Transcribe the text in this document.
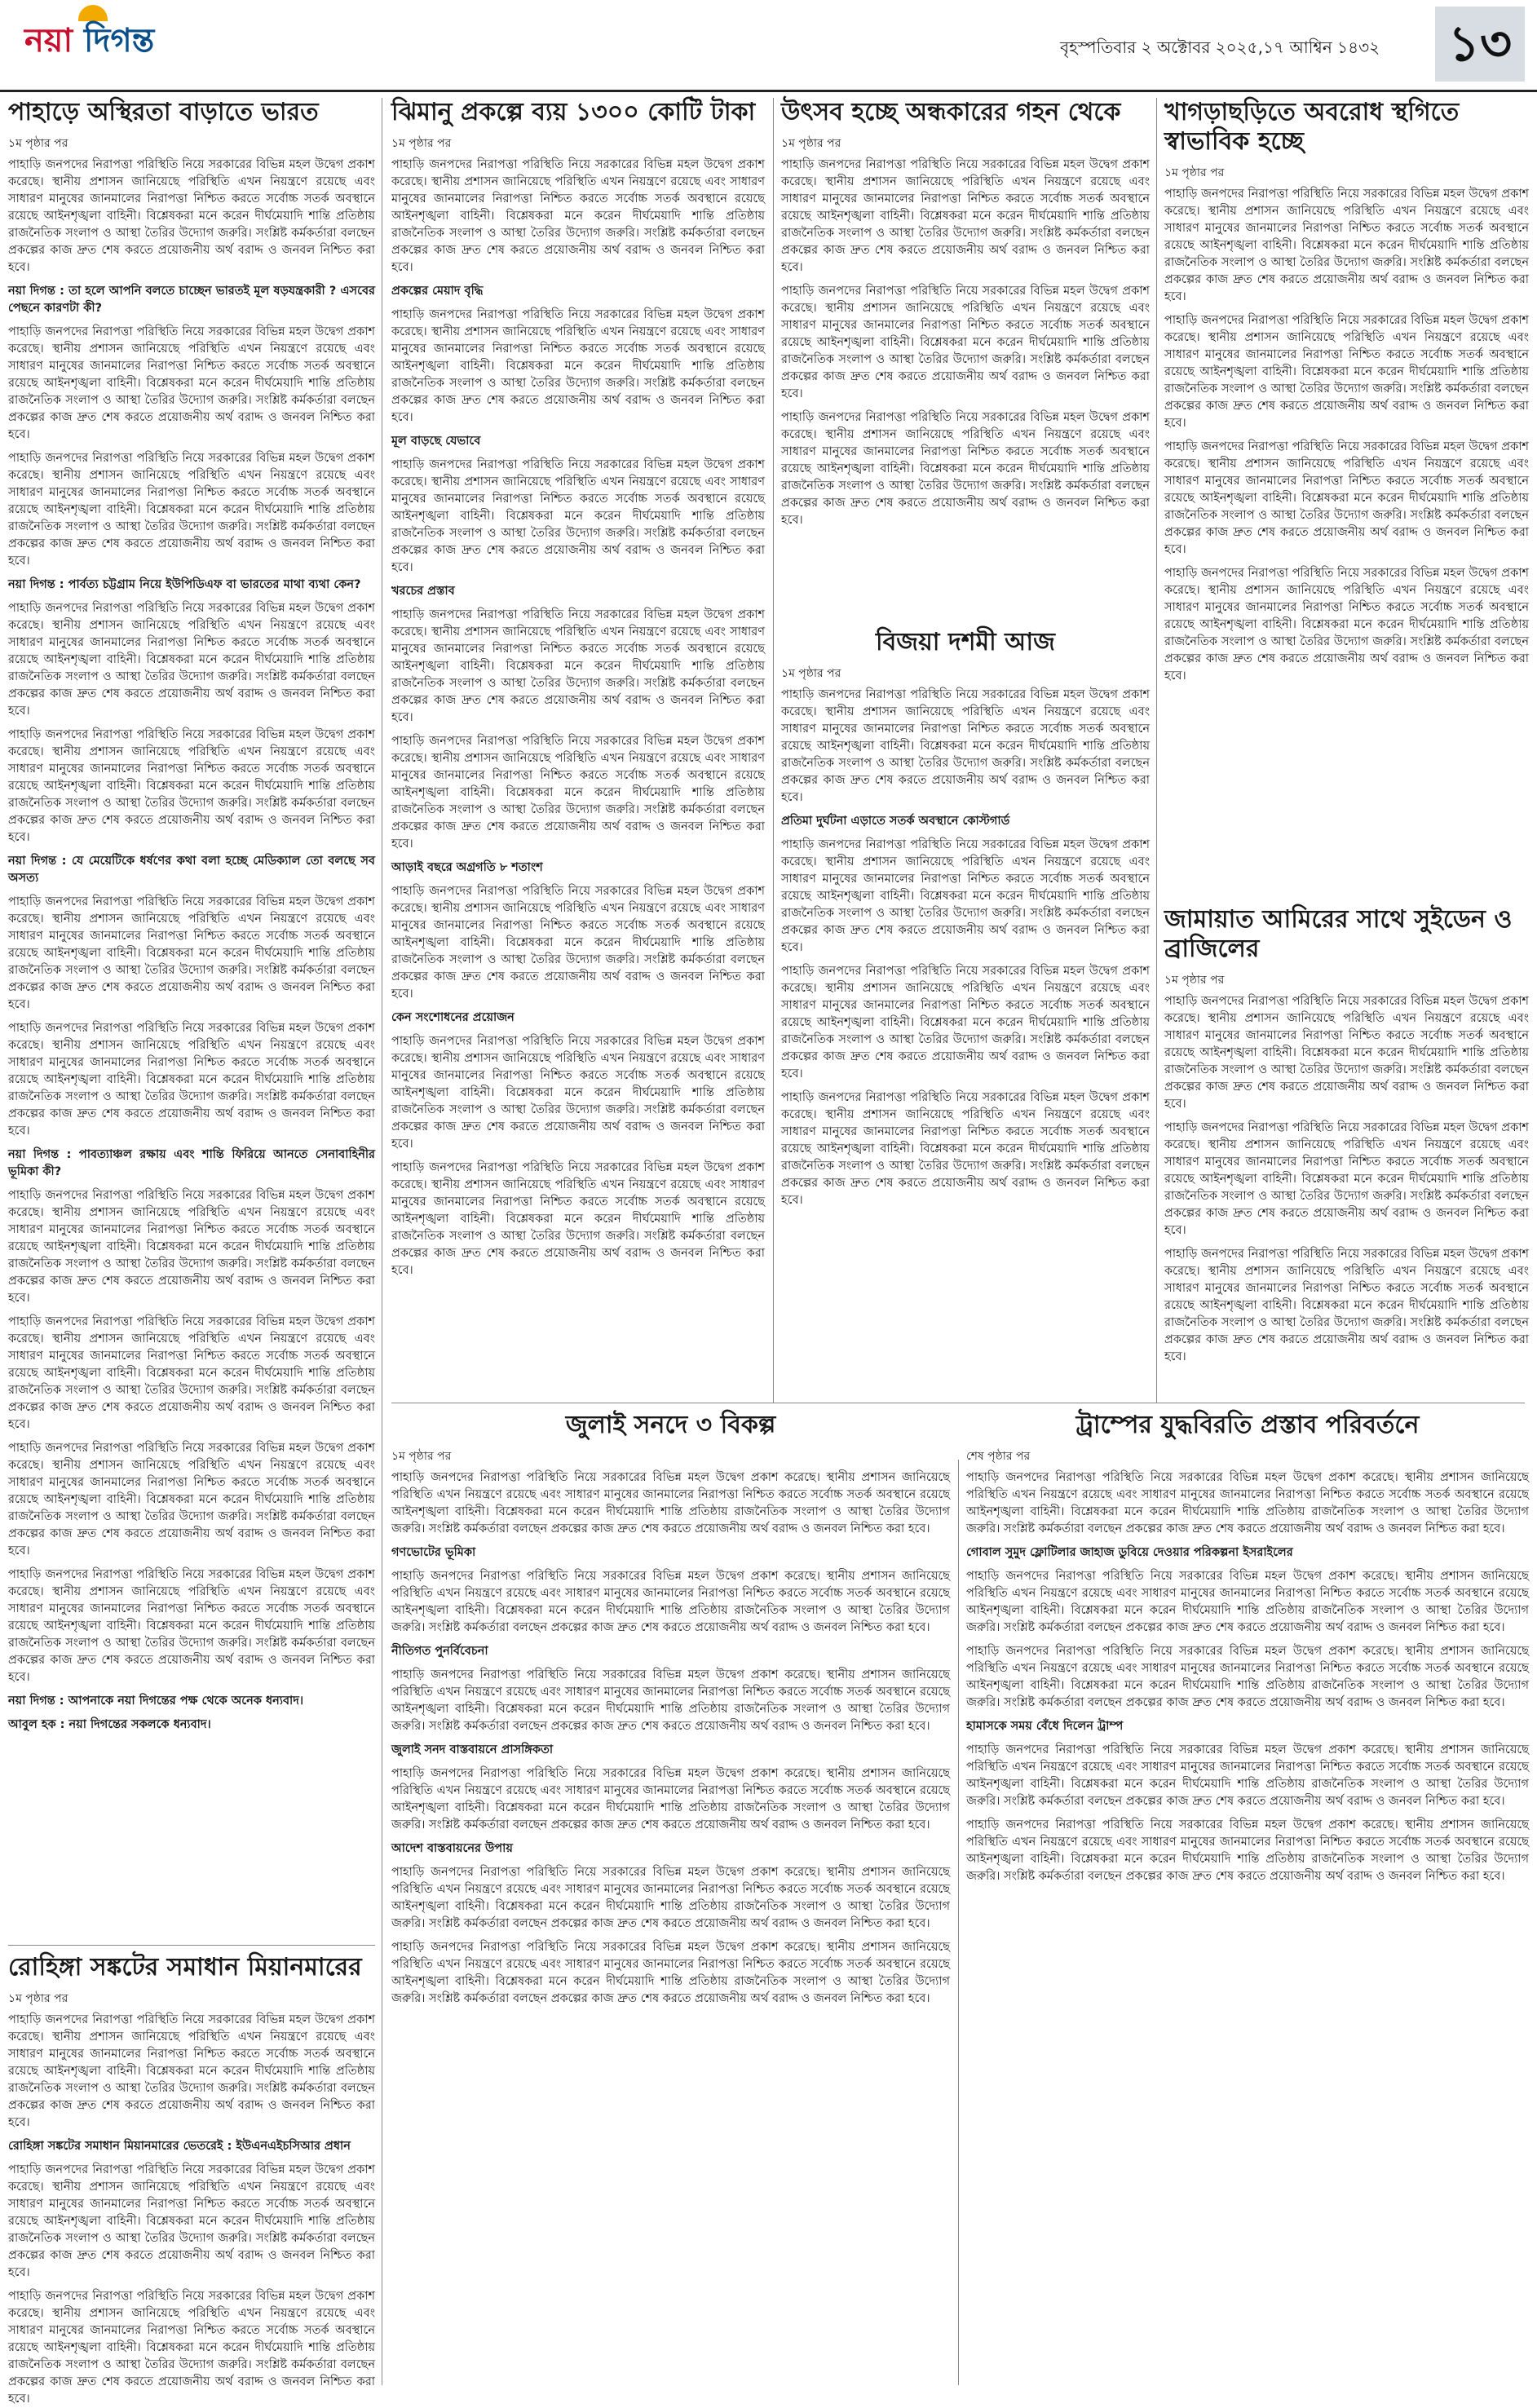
নয়া দিগন্ত	বৃহস্পতিবার ২ অক্টোবর ২০২৫,১৭ আশ্বিন ১৪৩২ ১৩
পাহাড়ে অস্থিরতা বাড়াতে ভারত
১ম পৃষ্ঠার পর

পাহাড়ি জনপদের নিরাপত্তা পরিস্থিতি নিয়ে সরকারের বিভিন্ন মহল উদ্বেগ প্রকাশ করেছে। স্থানীয় প্রশাসন জানিয়েছে পরিস্থিতি এখন নিয়ন্ত্রণে রয়েছে এবং সাধারণ মানুষের জানমালের নিরাপত্তা নিশ্চিত করতে সর্বোচ্চ সতর্ক অবস্থানে রয়েছে আইনশৃঙ্খলা বাহিনী। বিশ্লেষকরা মনে করেন দীর্ঘমেয়াদি শান্তি প্রতিষ্ঠায় রাজনৈতিক সংলাপ ও আস্থা তৈরির উদ্যোগ জরুরি। সংশ্লিষ্ট কর্মকর্তারা বলছেন প্রকল্পের কাজ দ্রুত শেষ করতে প্রয়োজনীয় অর্থ বরাদ্দ ও জনবল নিশ্চিত করা হবে।

নয়া দিগন্ত : তা হলে আপনি বলতে চাচ্ছেন ভারতই মূল ষড়যন্ত্রকারী ? এসবের পেছনে কারণটা কী?

পাহাড়ি জনপদের নিরাপত্তা পরিস্থিতি নিয়ে সরকারের বিভিন্ন মহল উদ্বেগ প্রকাশ করেছে। স্থানীয় প্রশাসন জানিয়েছে পরিস্থিতি এখন নিয়ন্ত্রণে রয়েছে এবং সাধারণ মানুষের জানমালের নিরাপত্তা নিশ্চিত করতে সর্বোচ্চ সতর্ক অবস্থানে রয়েছে আইনশৃঙ্খলা বাহিনী। বিশ্লেষকরা মনে করেন দীর্ঘমেয়াদি শান্তি প্রতিষ্ঠায় রাজনৈতিক সংলাপ ও আস্থা তৈরির উদ্যোগ জরুরি। সংশ্লিষ্ট কর্মকর্তারা বলছেন প্রকল্পের কাজ দ্রুত শেষ করতে প্রয়োজনীয় অর্থ বরাদ্দ ও জনবল নিশ্চিত করা হবে।

পাহাড়ি জনপদের নিরাপত্তা পরিস্থিতি নিয়ে সরকারের বিভিন্ন মহল উদ্বেগ প্রকাশ করেছে। স্থানীয় প্রশাসন জানিয়েছে পরিস্থিতি এখন নিয়ন্ত্রণে রয়েছে এবং সাধারণ মানুষের জানমালের নিরাপত্তা নিশ্চিত করতে সর্বোচ্চ সতর্ক অবস্থানে রয়েছে আইনশৃঙ্খলা বাহিনী। বিশ্লেষকরা মনে করেন দীর্ঘমেয়াদি শান্তি প্রতিষ্ঠায় রাজনৈতিক সংলাপ ও আস্থা তৈরির উদ্যোগ জরুরি। সংশ্লিষ্ট কর্মকর্তারা বলছেন প্রকল্পের কাজ দ্রুত শেষ করতে প্রয়োজনীয় অর্থ বরাদ্দ ও জনবল নিশ্চিত করা হবে।

নয়া দিগন্ত : পার্বত্য চট্টগ্রাম নিয়ে ইউপিডিএফ বা ভারতের মাথা ব্যথা কেন?

পাহাড়ি জনপদের নিরাপত্তা পরিস্থিতি নিয়ে সরকারের বিভিন্ন মহল উদ্বেগ প্রকাশ করেছে। স্থানীয় প্রশাসন জানিয়েছে পরিস্থিতি এখন নিয়ন্ত্রণে রয়েছে এবং সাধারণ মানুষের জানমালের নিরাপত্তা নিশ্চিত করতে সর্বোচ্চ সতর্ক অবস্থানে রয়েছে আইনশৃঙ্খলা বাহিনী। বিশ্লেষকরা মনে করেন দীর্ঘমেয়াদি শান্তি প্রতিষ্ঠায় রাজনৈতিক সংলাপ ও আস্থা তৈরির উদ্যোগ জরুরি। সংশ্লিষ্ট কর্মকর্তারা বলছেন প্রকল্পের কাজ দ্রুত শেষ করতে প্রয়োজনীয় অর্থ বরাদ্দ ও জনবল নিশ্চিত করা হবে।

পাহাড়ি জনপদের নিরাপত্তা পরিস্থিতি নিয়ে সরকারের বিভিন্ন মহল উদ্বেগ প্রকাশ করেছে। স্থানীয় প্রশাসন জানিয়েছে পরিস্থিতি এখন নিয়ন্ত্রণে রয়েছে এবং সাধারণ মানুষের জানমালের নিরাপত্তা নিশ্চিত করতে সর্বোচ্চ সতর্ক অবস্থানে রয়েছে আইনশৃঙ্খলা বাহিনী। বিশ্লেষকরা মনে করেন দীর্ঘমেয়াদি শান্তি প্রতিষ্ঠায় রাজনৈতিক সংলাপ ও আস্থা তৈরির উদ্যোগ জরুরি। সংশ্লিষ্ট কর্মকর্তারা বলছেন প্রকল্পের কাজ দ্রুত শেষ করতে প্রয়োজনীয় অর্থ বরাদ্দ ও জনবল নিশ্চিত করা হবে।

নয়া দিগন্ত : যে মেয়েটিকে ধর্ষণের কথা বলা হচ্ছে মেডিক্যাল তো বলছে সব অসত্য

পাহাড়ি জনপদের নিরাপত্তা পরিস্থিতি নিয়ে সরকারের বিভিন্ন মহল উদ্বেগ প্রকাশ করেছে। স্থানীয় প্রশাসন জানিয়েছে পরিস্থিতি এখন নিয়ন্ত্রণে রয়েছে এবং সাধারণ মানুষের জানমালের নিরাপত্তা নিশ্চিত করতে সর্বোচ্চ সতর্ক অবস্থানে রয়েছে আইনশৃঙ্খলা বাহিনী। বিশ্লেষকরা মনে করেন দীর্ঘমেয়াদি শান্তি প্রতিষ্ঠায় রাজনৈতিক সংলাপ ও আস্থা তৈরির উদ্যোগ জরুরি। সংশ্লিষ্ট কর্মকর্তারা বলছেন প্রকল্পের কাজ দ্রুত শেষ করতে প্রয়োজনীয় অর্থ বরাদ্দ ও জনবল নিশ্চিত করা হবে।

পাহাড়ি জনপদের নিরাপত্তা পরিস্থিতি নিয়ে সরকারের বিভিন্ন মহল উদ্বেগ প্রকাশ করেছে। স্থানীয় প্রশাসন জানিয়েছে পরিস্থিতি এখন নিয়ন্ত্রণে রয়েছে এবং সাধারণ মানুষের জানমালের নিরাপত্তা নিশ্চিত করতে সর্বোচ্চ সতর্ক অবস্থানে রয়েছে আইনশৃঙ্খলা বাহিনী। বিশ্লেষকরা মনে করেন দীর্ঘমেয়াদি শান্তি প্রতিষ্ঠায় রাজনৈতিক সংলাপ ও আস্থা তৈরির উদ্যোগ জরুরি। সংশ্লিষ্ট কর্মকর্তারা বলছেন প্রকল্পের কাজ দ্রুত শেষ করতে প্রয়োজনীয় অর্থ বরাদ্দ ও জনবল নিশ্চিত করা হবে।

নয়া দিগন্ত : পাবত্যাঞ্চল রক্ষায় এবং শান্তি ফিরিয়ে আনতে সেনাবাহিনীর ভূমিকা কী?

পাহাড়ি জনপদের নিরাপত্তা পরিস্থিতি নিয়ে সরকারের বিভিন্ন মহল উদ্বেগ প্রকাশ করেছে। স্থানীয় প্রশাসন জানিয়েছে পরিস্থিতি এখন নিয়ন্ত্রণে রয়েছে এবং সাধারণ মানুষের জানমালের নিরাপত্তা নিশ্চিত করতে সর্বোচ্চ সতর্ক অবস্থানে রয়েছে আইনশৃঙ্খলা বাহিনী। বিশ্লেষকরা মনে করেন দীর্ঘমেয়াদি শান্তি প্রতিষ্ঠায় রাজনৈতিক সংলাপ ও আস্থা তৈরির উদ্যোগ জরুরি। সংশ্লিষ্ট কর্মকর্তারা বলছেন প্রকল্পের কাজ দ্রুত শেষ করতে প্রয়োজনীয় অর্থ বরাদ্দ ও জনবল নিশ্চিত করা হবে।

পাহাড়ি জনপদের নিরাপত্তা পরিস্থিতি নিয়ে সরকারের বিভিন্ন মহল উদ্বেগ প্রকাশ করেছে। স্থানীয় প্রশাসন জানিয়েছে পরিস্থিতি এখন নিয়ন্ত্রণে রয়েছে এবং সাধারণ মানুষের জানমালের নিরাপত্তা নিশ্চিত করতে সর্বোচ্চ সতর্ক অবস্থানে রয়েছে আইনশৃঙ্খলা বাহিনী। বিশ্লেষকরা মনে করেন দীর্ঘমেয়াদি শান্তি প্রতিষ্ঠায় রাজনৈতিক সংলাপ ও আস্থা তৈরির উদ্যোগ জরুরি। সংশ্লিষ্ট কর্মকর্তারা বলছেন প্রকল্পের কাজ দ্রুত শেষ করতে প্রয়োজনীয় অর্থ বরাদ্দ ও জনবল নিশ্চিত করা হবে।

পাহাড়ি জনপদের নিরাপত্তা পরিস্থিতি নিয়ে সরকারের বিভিন্ন মহল উদ্বেগ প্রকাশ করেছে। স্থানীয় প্রশাসন জানিয়েছে পরিস্থিতি এখন নিয়ন্ত্রণে রয়েছে এবং সাধারণ মানুষের জানমালের নিরাপত্তা নিশ্চিত করতে সর্বোচ্চ সতর্ক অবস্থানে রয়েছে আইনশৃঙ্খলা বাহিনী। বিশ্লেষকরা মনে করেন দীর্ঘমেয়াদি শান্তি প্রতিষ্ঠায় রাজনৈতিক সংলাপ ও আস্থা তৈরির উদ্যোগ জরুরি। সংশ্লিষ্ট কর্মকর্তারা বলছেন প্রকল্পের কাজ দ্রুত শেষ করতে প্রয়োজনীয় অর্থ বরাদ্দ ও জনবল নিশ্চিত করা হবে।

পাহাড়ি জনপদের নিরাপত্তা পরিস্থিতি নিয়ে সরকারের বিভিন্ন মহল উদ্বেগ প্রকাশ করেছে। স্থানীয় প্রশাসন জানিয়েছে পরিস্থিতি এখন নিয়ন্ত্রণে রয়েছে এবং সাধারণ মানুষের জানমালের নিরাপত্তা নিশ্চিত করতে সর্বোচ্চ সতর্ক অবস্থানে রয়েছে আইনশৃঙ্খলা বাহিনী। বিশ্লেষকরা মনে করেন দীর্ঘমেয়াদি শান্তি প্রতিষ্ঠায় রাজনৈতিক সংলাপ ও আস্থা তৈরির উদ্যোগ জরুরি। সংশ্লিষ্ট কর্মকর্তারা বলছেন প্রকল্পের কাজ দ্রুত শেষ করতে প্রয়োজনীয় অর্থ বরাদ্দ ও জনবল নিশ্চিত করা হবে।

নয়া দিগন্ত : আপনাকে নয়া দিগন্তের পক্ষ থেকে অনেক ধন্যবাদ।

আবুল হক : নয়া দিগন্তের সকলকে ধন্যবাদ।

রোহিঙ্গা সঙ্কটের সমাধান মিয়ানমারের
১ম পৃষ্ঠার পর

পাহাড়ি জনপদের নিরাপত্তা পরিস্থিতি নিয়ে সরকারের বিভিন্ন মহল উদ্বেগ প্রকাশ করেছে। স্থানীয় প্রশাসন জানিয়েছে পরিস্থিতি এখন নিয়ন্ত্রণে রয়েছে এবং সাধারণ মানুষের জানমালের নিরাপত্তা নিশ্চিত করতে সর্বোচ্চ সতর্ক অবস্থানে রয়েছে আইনশৃঙ্খলা বাহিনী। বিশ্লেষকরা মনে করেন দীর্ঘমেয়াদি শান্তি প্রতিষ্ঠায় রাজনৈতিক সংলাপ ও আস্থা তৈরির উদ্যোগ জরুরি। সংশ্লিষ্ট কর্মকর্তারা বলছেন প্রকল্পের কাজ দ্রুত শেষ করতে প্রয়োজনীয় অর্থ বরাদ্দ ও জনবল নিশ্চিত করা হবে।

রোহিঙ্গা সঙ্কটের সমাধান মিয়ানমারের ভেতরেই : ইউএনএইচসিআর প্রধান

পাহাড়ি জনপদের নিরাপত্তা পরিস্থিতি নিয়ে সরকারের বিভিন্ন মহল উদ্বেগ প্রকাশ করেছে। স্থানীয় প্রশাসন জানিয়েছে পরিস্থিতি এখন নিয়ন্ত্রণে রয়েছে এবং সাধারণ মানুষের জানমালের নিরাপত্তা নিশ্চিত করতে সর্বোচ্চ সতর্ক অবস্থানে রয়েছে আইনশৃঙ্খলা বাহিনী। বিশ্লেষকরা মনে করেন দীর্ঘমেয়াদি শান্তি প্রতিষ্ঠায় রাজনৈতিক সংলাপ ও আস্থা তৈরির উদ্যোগ জরুরি। সংশ্লিষ্ট কর্মকর্তারা বলছেন প্রকল্পের কাজ দ্রুত শেষ করতে প্রয়োজনীয় অর্থ বরাদ্দ ও জনবল নিশ্চিত করা হবে।

পাহাড়ি জনপদের নিরাপত্তা পরিস্থিতি নিয়ে সরকারের বিভিন্ন মহল উদ্বেগ প্রকাশ করেছে। স্থানীয় প্রশাসন জানিয়েছে পরিস্থিতি এখন নিয়ন্ত্রণে রয়েছে এবং সাধারণ মানুষের জানমালের নিরাপত্তা নিশ্চিত করতে সর্বোচ্চ সতর্ক অবস্থানে রয়েছে আইনশৃঙ্খলা বাহিনী। বিশ্লেষকরা মনে করেন দীর্ঘমেয়াদি শান্তি প্রতিষ্ঠায় রাজনৈতিক সংলাপ ও আস্থা তৈরির উদ্যোগ জরুরি। সংশ্লিষ্ট কর্মকর্তারা বলছেন প্রকল্পের কাজ দ্রুত শেষ করতে প্রয়োজনীয় অর্থ বরাদ্দ ও জনবল নিশ্চিত করা হবে।

ঝিমানু প্রকল্পে ব্যয় ১৩০০ কোটি টাকা
১ম পৃষ্ঠার পর

পাহাড়ি জনপদের নিরাপত্তা পরিস্থিতি নিয়ে সরকারের বিভিন্ন মহল উদ্বেগ প্রকাশ করেছে। স্থানীয় প্রশাসন জানিয়েছে পরিস্থিতি এখন নিয়ন্ত্রণে রয়েছে এবং সাধারণ মানুষের জানমালের নিরাপত্তা নিশ্চিত করতে সর্বোচ্চ সতর্ক অবস্থানে রয়েছে আইনশৃঙ্খলা বাহিনী। বিশ্লেষকরা মনে করেন দীর্ঘমেয়াদি শান্তি প্রতিষ্ঠায় রাজনৈতিক সংলাপ ও আস্থা তৈরির উদ্যোগ জরুরি। সংশ্লিষ্ট কর্মকর্তারা বলছেন প্রকল্পের কাজ দ্রুত শেষ করতে প্রয়োজনীয় অর্থ বরাদ্দ ও জনবল নিশ্চিত করা হবে।

প্রকল্পের মেয়াদ বৃদ্ধি

পাহাড়ি জনপদের নিরাপত্তা পরিস্থিতি নিয়ে সরকারের বিভিন্ন মহল উদ্বেগ প্রকাশ করেছে। স্থানীয় প্রশাসন জানিয়েছে পরিস্থিতি এখন নিয়ন্ত্রণে রয়েছে এবং সাধারণ মানুষের জানমালের নিরাপত্তা নিশ্চিত করতে সর্বোচ্চ সতর্ক অবস্থানে রয়েছে আইনশৃঙ্খলা বাহিনী। বিশ্লেষকরা মনে করেন দীর্ঘমেয়াদি শান্তি প্রতিষ্ঠায় রাজনৈতিক সংলাপ ও আস্থা তৈরির উদ্যোগ জরুরি। সংশ্লিষ্ট কর্মকর্তারা বলছেন প্রকল্পের কাজ দ্রুত শেষ করতে প্রয়োজনীয় অর্থ বরাদ্দ ও জনবল নিশ্চিত করা হবে।

মূল বাড়ছে যেভাবে

পাহাড়ি জনপদের নিরাপত্তা পরিস্থিতি নিয়ে সরকারের বিভিন্ন মহল উদ্বেগ প্রকাশ করেছে। স্থানীয় প্রশাসন জানিয়েছে পরিস্থিতি এখন নিয়ন্ত্রণে রয়েছে এবং সাধারণ মানুষের জানমালের নিরাপত্তা নিশ্চিত করতে সর্বোচ্চ সতর্ক অবস্থানে রয়েছে আইনশৃঙ্খলা বাহিনী। বিশ্লেষকরা মনে করেন দীর্ঘমেয়াদি শান্তি প্রতিষ্ঠায় রাজনৈতিক সংলাপ ও আস্থা তৈরির উদ্যোগ জরুরি। সংশ্লিষ্ট কর্মকর্তারা বলছেন প্রকল্পের কাজ দ্রুত শেষ করতে প্রয়োজনীয় অর্থ বরাদ্দ ও জনবল নিশ্চিত করা হবে।

খরচের প্রস্তাব

পাহাড়ি জনপদের নিরাপত্তা পরিস্থিতি নিয়ে সরকারের বিভিন্ন মহল উদ্বেগ প্রকাশ করেছে। স্থানীয় প্রশাসন জানিয়েছে পরিস্থিতি এখন নিয়ন্ত্রণে রয়েছে এবং সাধারণ মানুষের জানমালের নিরাপত্তা নিশ্চিত করতে সর্বোচ্চ সতর্ক অবস্থানে রয়েছে আইনশৃঙ্খলা বাহিনী। বিশ্লেষকরা মনে করেন দীর্ঘমেয়াদি শান্তি প্রতিষ্ঠায় রাজনৈতিক সংলাপ ও আস্থা তৈরির উদ্যোগ জরুরি। সংশ্লিষ্ট কর্মকর্তারা বলছেন প্রকল্পের কাজ দ্রুত শেষ করতে প্রয়োজনীয় অর্থ বরাদ্দ ও জনবল নিশ্চিত করা হবে।

পাহাড়ি জনপদের নিরাপত্তা পরিস্থিতি নিয়ে সরকারের বিভিন্ন মহল উদ্বেগ প্রকাশ করেছে। স্থানীয় প্রশাসন জানিয়েছে পরিস্থিতি এখন নিয়ন্ত্রণে রয়েছে এবং সাধারণ মানুষের জানমালের নিরাপত্তা নিশ্চিত করতে সর্বোচ্চ সতর্ক অবস্থানে রয়েছে আইনশৃঙ্খলা বাহিনী। বিশ্লেষকরা মনে করেন দীর্ঘমেয়াদি শান্তি প্রতিষ্ঠায় রাজনৈতিক সংলাপ ও আস্থা তৈরির উদ্যোগ জরুরি। সংশ্লিষ্ট কর্মকর্তারা বলছেন প্রকল্পের কাজ দ্রুত শেষ করতে প্রয়োজনীয় অর্থ বরাদ্দ ও জনবল নিশ্চিত করা হবে।

আড়াই বছরে অগ্রগতি ৮ শতাংশ

পাহাড়ি জনপদের নিরাপত্তা পরিস্থিতি নিয়ে সরকারের বিভিন্ন মহল উদ্বেগ প্রকাশ করেছে। স্থানীয় প্রশাসন জানিয়েছে পরিস্থিতি এখন নিয়ন্ত্রণে রয়েছে এবং সাধারণ মানুষের জানমালের নিরাপত্তা নিশ্চিত করতে সর্বোচ্চ সতর্ক অবস্থানে রয়েছে আইনশৃঙ্খলা বাহিনী। বিশ্লেষকরা মনে করেন দীর্ঘমেয়াদি শান্তি প্রতিষ্ঠায় রাজনৈতিক সংলাপ ও আস্থা তৈরির উদ্যোগ জরুরি। সংশ্লিষ্ট কর্মকর্তারা বলছেন প্রকল্পের কাজ দ্রুত শেষ করতে প্রয়োজনীয় অর্থ বরাদ্দ ও জনবল নিশ্চিত করা হবে।

কেন সংশোধনের প্রয়োজন

পাহাড়ি জনপদের নিরাপত্তা পরিস্থিতি নিয়ে সরকারের বিভিন্ন মহল উদ্বেগ প্রকাশ করেছে। স্থানীয় প্রশাসন জানিয়েছে পরিস্থিতি এখন নিয়ন্ত্রণে রয়েছে এবং সাধারণ মানুষের জানমালের নিরাপত্তা নিশ্চিত করতে সর্বোচ্চ সতর্ক অবস্থানে রয়েছে আইনশৃঙ্খলা বাহিনী। বিশ্লেষকরা মনে করেন দীর্ঘমেয়াদি শান্তি প্রতিষ্ঠায় রাজনৈতিক সংলাপ ও আস্থা তৈরির উদ্যোগ জরুরি। সংশ্লিষ্ট কর্মকর্তারা বলছেন প্রকল্পের কাজ দ্রুত শেষ করতে প্রয়োজনীয় অর্থ বরাদ্দ ও জনবল নিশ্চিত করা হবে।

পাহাড়ি জনপদের নিরাপত্তা পরিস্থিতি নিয়ে সরকারের বিভিন্ন মহল উদ্বেগ প্রকাশ করেছে। স্থানীয় প্রশাসন জানিয়েছে পরিস্থিতি এখন নিয়ন্ত্রণে রয়েছে এবং সাধারণ মানুষের জানমালের নিরাপত্তা নিশ্চিত করতে সর্বোচ্চ সতর্ক অবস্থানে রয়েছে আইনশৃঙ্খলা বাহিনী। বিশ্লেষকরা মনে করেন দীর্ঘমেয়াদি শান্তি প্রতিষ্ঠায় রাজনৈতিক সংলাপ ও আস্থা তৈরির উদ্যোগ জরুরি। সংশ্লিষ্ট কর্মকর্তারা বলছেন প্রকল্পের কাজ দ্রুত শেষ করতে প্রয়োজনীয় অর্থ বরাদ্দ ও জনবল নিশ্চিত করা হবে।

উৎসব হচ্ছে অন্ধকারের গহন থেকে
১ম পৃষ্ঠার পর

পাহাড়ি জনপদের নিরাপত্তা পরিস্থিতি নিয়ে সরকারের বিভিন্ন মহল উদ্বেগ প্রকাশ করেছে। স্থানীয় প্রশাসন জানিয়েছে পরিস্থিতি এখন নিয়ন্ত্রণে রয়েছে এবং সাধারণ মানুষের জানমালের নিরাপত্তা নিশ্চিত করতে সর্বোচ্চ সতর্ক অবস্থানে রয়েছে আইনশৃঙ্খলা বাহিনী। বিশ্লেষকরা মনে করেন দীর্ঘমেয়াদি শান্তি প্রতিষ্ঠায় রাজনৈতিক সংলাপ ও আস্থা তৈরির উদ্যোগ জরুরি। সংশ্লিষ্ট কর্মকর্তারা বলছেন প্রকল্পের কাজ দ্রুত শেষ করতে প্রয়োজনীয় অর্থ বরাদ্দ ও জনবল নিশ্চিত করা হবে।

পাহাড়ি জনপদের নিরাপত্তা পরিস্থিতি নিয়ে সরকারের বিভিন্ন মহল উদ্বেগ প্রকাশ করেছে। স্থানীয় প্রশাসন জানিয়েছে পরিস্থিতি এখন নিয়ন্ত্রণে রয়েছে এবং সাধারণ মানুষের জানমালের নিরাপত্তা নিশ্চিত করতে সর্বোচ্চ সতর্ক অবস্থানে রয়েছে আইনশৃঙ্খলা বাহিনী। বিশ্লেষকরা মনে করেন দীর্ঘমেয়াদি শান্তি প্রতিষ্ঠায় রাজনৈতিক সংলাপ ও আস্থা তৈরির উদ্যোগ জরুরি। সংশ্লিষ্ট কর্মকর্তারা বলছেন প্রকল্পের কাজ দ্রুত শেষ করতে প্রয়োজনীয় অর্থ বরাদ্দ ও জনবল নিশ্চিত করা হবে।

পাহাড়ি জনপদের নিরাপত্তা পরিস্থিতি নিয়ে সরকারের বিভিন্ন মহল উদ্বেগ প্রকাশ করেছে। স্থানীয় প্রশাসন জানিয়েছে পরিস্থিতি এখন নিয়ন্ত্রণে রয়েছে এবং সাধারণ মানুষের জানমালের নিরাপত্তা নিশ্চিত করতে সর্বোচ্চ সতর্ক অবস্থানে রয়েছে আইনশৃঙ্খলা বাহিনী। বিশ্লেষকরা মনে করেন দীর্ঘমেয়াদি শান্তি প্রতিষ্ঠায় রাজনৈতিক সংলাপ ও আস্থা তৈরির উদ্যোগ জরুরি। সংশ্লিষ্ট কর্মকর্তারা বলছেন প্রকল্পের কাজ দ্রুত শেষ করতে প্রয়োজনীয় অর্থ বরাদ্দ ও জনবল নিশ্চিত করা হবে।

বিজয়া দশমী আজ
১ম পৃষ্ঠার পর

পাহাড়ি জনপদের নিরাপত্তা পরিস্থিতি নিয়ে সরকারের বিভিন্ন মহল উদ্বেগ প্রকাশ করেছে। স্থানীয় প্রশাসন জানিয়েছে পরিস্থিতি এখন নিয়ন্ত্রণে রয়েছে এবং সাধারণ মানুষের জানমালের নিরাপত্তা নিশ্চিত করতে সর্বোচ্চ সতর্ক অবস্থানে রয়েছে আইনশৃঙ্খলা বাহিনী। বিশ্লেষকরা মনে করেন দীর্ঘমেয়াদি শান্তি প্রতিষ্ঠায় রাজনৈতিক সংলাপ ও আস্থা তৈরির উদ্যোগ জরুরি। সংশ্লিষ্ট কর্মকর্তারা বলছেন প্রকল্পের কাজ দ্রুত শেষ করতে প্রয়োজনীয় অর্থ বরাদ্দ ও জনবল নিশ্চিত করা হবে।

প্রতিমা দুর্ঘটনা এড়াতে সতর্ক অবস্থানে কোস্টগার্ড

পাহাড়ি জনপদের নিরাপত্তা পরিস্থিতি নিয়ে সরকারের বিভিন্ন মহল উদ্বেগ প্রকাশ করেছে। স্থানীয় প্রশাসন জানিয়েছে পরিস্থিতি এখন নিয়ন্ত্রণে রয়েছে এবং সাধারণ মানুষের জানমালের নিরাপত্তা নিশ্চিত করতে সর্বোচ্চ সতর্ক অবস্থানে রয়েছে আইনশৃঙ্খলা বাহিনী। বিশ্লেষকরা মনে করেন দীর্ঘমেয়াদি শান্তি প্রতিষ্ঠায় রাজনৈতিক সংলাপ ও আস্থা তৈরির উদ্যোগ জরুরি। সংশ্লিষ্ট কর্মকর্তারা বলছেন প্রকল্পের কাজ দ্রুত শেষ করতে প্রয়োজনীয় অর্থ বরাদ্দ ও জনবল নিশ্চিত করা হবে।

পাহাড়ি জনপদের নিরাপত্তা পরিস্থিতি নিয়ে সরকারের বিভিন্ন মহল উদ্বেগ প্রকাশ করেছে। স্থানীয় প্রশাসন জানিয়েছে পরিস্থিতি এখন নিয়ন্ত্রণে রয়েছে এবং সাধারণ মানুষের জানমালের নিরাপত্তা নিশ্চিত করতে সর্বোচ্চ সতর্ক অবস্থানে রয়েছে আইনশৃঙ্খলা বাহিনী। বিশ্লেষকরা মনে করেন দীর্ঘমেয়াদি শান্তি প্রতিষ্ঠায় রাজনৈতিক সংলাপ ও আস্থা তৈরির উদ্যোগ জরুরি। সংশ্লিষ্ট কর্মকর্তারা বলছেন প্রকল্পের কাজ দ্রুত শেষ করতে প্রয়োজনীয় অর্থ বরাদ্দ ও জনবল নিশ্চিত করা হবে।

পাহাড়ি জনপদের নিরাপত্তা পরিস্থিতি নিয়ে সরকারের বিভিন্ন মহল উদ্বেগ প্রকাশ করেছে। স্থানীয় প্রশাসন জানিয়েছে পরিস্থিতি এখন নিয়ন্ত্রণে রয়েছে এবং সাধারণ মানুষের জানমালের নিরাপত্তা নিশ্চিত করতে সর্বোচ্চ সতর্ক অবস্থানে রয়েছে আইনশৃঙ্খলা বাহিনী। বিশ্লেষকরা মনে করেন দীর্ঘমেয়াদি শান্তি প্রতিষ্ঠায় রাজনৈতিক সংলাপ ও আস্থা তৈরির উদ্যোগ জরুরি। সংশ্লিষ্ট কর্মকর্তারা বলছেন প্রকল্পের কাজ দ্রুত শেষ করতে প্রয়োজনীয় অর্থ বরাদ্দ ও জনবল নিশ্চিত করা হবে।

খাগড়াছড়িতে অবরোধ স্থগিতে স্বাভাবিক হচ্ছে
১ম পৃষ্ঠার পর

পাহাড়ি জনপদের নিরাপত্তা পরিস্থিতি নিয়ে সরকারের বিভিন্ন মহল উদ্বেগ প্রকাশ করেছে। স্থানীয় প্রশাসন জানিয়েছে পরিস্থিতি এখন নিয়ন্ত্রণে রয়েছে এবং সাধারণ মানুষের জানমালের নিরাপত্তা নিশ্চিত করতে সর্বোচ্চ সতর্ক অবস্থানে রয়েছে আইনশৃঙ্খলা বাহিনী। বিশ্লেষকরা মনে করেন দীর্ঘমেয়াদি শান্তি প্রতিষ্ঠায় রাজনৈতিক সংলাপ ও আস্থা তৈরির উদ্যোগ জরুরি। সংশ্লিষ্ট কর্মকর্তারা বলছেন প্রকল্পের কাজ দ্রুত শেষ করতে প্রয়োজনীয় অর্থ বরাদ্দ ও জনবল নিশ্চিত করা হবে।

পাহাড়ি জনপদের নিরাপত্তা পরিস্থিতি নিয়ে সরকারের বিভিন্ন মহল উদ্বেগ প্রকাশ করেছে। স্থানীয় প্রশাসন জানিয়েছে পরিস্থিতি এখন নিয়ন্ত্রণে রয়েছে এবং সাধারণ মানুষের জানমালের নিরাপত্তা নিশ্চিত করতে সর্বোচ্চ সতর্ক অবস্থানে রয়েছে আইনশৃঙ্খলা বাহিনী। বিশ্লেষকরা মনে করেন দীর্ঘমেয়াদি শান্তি প্রতিষ্ঠায় রাজনৈতিক সংলাপ ও আস্থা তৈরির উদ্যোগ জরুরি। সংশ্লিষ্ট কর্মকর্তারা বলছেন প্রকল্পের কাজ দ্রুত শেষ করতে প্রয়োজনীয় অর্থ বরাদ্দ ও জনবল নিশ্চিত করা হবে।

পাহাড়ি জনপদের নিরাপত্তা পরিস্থিতি নিয়ে সরকারের বিভিন্ন মহল উদ্বেগ প্রকাশ করেছে। স্থানীয় প্রশাসন জানিয়েছে পরিস্থিতি এখন নিয়ন্ত্রণে রয়েছে এবং সাধারণ মানুষের জানমালের নিরাপত্তা নিশ্চিত করতে সর্বোচ্চ সতর্ক অবস্থানে রয়েছে আইনশৃঙ্খলা বাহিনী। বিশ্লেষকরা মনে করেন দীর্ঘমেয়াদি শান্তি প্রতিষ্ঠায় রাজনৈতিক সংলাপ ও আস্থা তৈরির উদ্যোগ জরুরি। সংশ্লিষ্ট কর্মকর্তারা বলছেন প্রকল্পের কাজ দ্রুত শেষ করতে প্রয়োজনীয় অর্থ বরাদ্দ ও জনবল নিশ্চিত করা হবে।

পাহাড়ি জনপদের নিরাপত্তা পরিস্থিতি নিয়ে সরকারের বিভিন্ন মহল উদ্বেগ প্রকাশ করেছে। স্থানীয় প্রশাসন জানিয়েছে পরিস্থিতি এখন নিয়ন্ত্রণে রয়েছে এবং সাধারণ মানুষের জানমালের নিরাপত্তা নিশ্চিত করতে সর্বোচ্চ সতর্ক অবস্থানে রয়েছে আইনশৃঙ্খলা বাহিনী। বিশ্লেষকরা মনে করেন দীর্ঘমেয়াদি শান্তি প্রতিষ্ঠায় রাজনৈতিক সংলাপ ও আস্থা তৈরির উদ্যোগ জরুরি। সংশ্লিষ্ট কর্মকর্তারা বলছেন প্রকল্পের কাজ দ্রুত শেষ করতে প্রয়োজনীয় অর্থ বরাদ্দ ও জনবল নিশ্চিত করা হবে।

জামায়াত আমিরের সাথে সুইডেন ও ব্রাজিলের
১ম পৃষ্ঠার পর

পাহাড়ি জনপদের নিরাপত্তা পরিস্থিতি নিয়ে সরকারের বিভিন্ন মহল উদ্বেগ প্রকাশ করেছে। স্থানীয় প্রশাসন জানিয়েছে পরিস্থিতি এখন নিয়ন্ত্রণে রয়েছে এবং সাধারণ মানুষের জানমালের নিরাপত্তা নিশ্চিত করতে সর্বোচ্চ সতর্ক অবস্থানে রয়েছে আইনশৃঙ্খলা বাহিনী। বিশ্লেষকরা মনে করেন দীর্ঘমেয়াদি শান্তি প্রতিষ্ঠায় রাজনৈতিক সংলাপ ও আস্থা তৈরির উদ্যোগ জরুরি। সংশ্লিষ্ট কর্মকর্তারা বলছেন প্রকল্পের কাজ দ্রুত শেষ করতে প্রয়োজনীয় অর্থ বরাদ্দ ও জনবল নিশ্চিত করা হবে।

পাহাড়ি জনপদের নিরাপত্তা পরিস্থিতি নিয়ে সরকারের বিভিন্ন মহল উদ্বেগ প্রকাশ করেছে। স্থানীয় প্রশাসন জানিয়েছে পরিস্থিতি এখন নিয়ন্ত্রণে রয়েছে এবং সাধারণ মানুষের জানমালের নিরাপত্তা নিশ্চিত করতে সর্বোচ্চ সতর্ক অবস্থানে রয়েছে আইনশৃঙ্খলা বাহিনী। বিশ্লেষকরা মনে করেন দীর্ঘমেয়াদি শান্তি প্রতিষ্ঠায় রাজনৈতিক সংলাপ ও আস্থা তৈরির উদ্যোগ জরুরি। সংশ্লিষ্ট কর্মকর্তারা বলছেন প্রকল্পের কাজ দ্রুত শেষ করতে প্রয়োজনীয় অর্থ বরাদ্দ ও জনবল নিশ্চিত করা হবে।

পাহাড়ি জনপদের নিরাপত্তা পরিস্থিতি নিয়ে সরকারের বিভিন্ন মহল উদ্বেগ প্রকাশ করেছে। স্থানীয় প্রশাসন জানিয়েছে পরিস্থিতি এখন নিয়ন্ত্রণে রয়েছে এবং সাধারণ মানুষের জানমালের নিরাপত্তা নিশ্চিত করতে সর্বোচ্চ সতর্ক অবস্থানে রয়েছে আইনশৃঙ্খলা বাহিনী। বিশ্লেষকরা মনে করেন দীর্ঘমেয়াদি শান্তি প্রতিষ্ঠায় রাজনৈতিক সংলাপ ও আস্থা তৈরির উদ্যোগ জরুরি। সংশ্লিষ্ট কর্মকর্তারা বলছেন প্রকল্পের কাজ দ্রুত শেষ করতে প্রয়োজনীয় অর্থ বরাদ্দ ও জনবল নিশ্চিত করা হবে।

জুলাই সনদে ৩ বিকল্প
১ম পৃষ্ঠার পর

পাহাড়ি জনপদের নিরাপত্তা পরিস্থিতি নিয়ে সরকারের বিভিন্ন মহল উদ্বেগ প্রকাশ করেছে। স্থানীয় প্রশাসন জানিয়েছে পরিস্থিতি এখন নিয়ন্ত্রণে রয়েছে এবং সাধারণ মানুষের জানমালের নিরাপত্তা নিশ্চিত করতে সর্বোচ্চ সতর্ক অবস্থানে রয়েছে আইনশৃঙ্খলা বাহিনী। বিশ্লেষকরা মনে করেন দীর্ঘমেয়াদি শান্তি প্রতিষ্ঠায় রাজনৈতিক সংলাপ ও আস্থা তৈরির উদ্যোগ জরুরি। সংশ্লিষ্ট কর্মকর্তারা বলছেন প্রকল্পের কাজ দ্রুত শেষ করতে প্রয়োজনীয় অর্থ বরাদ্দ ও জনবল নিশ্চিত করা হবে।

গণভোটের ভূমিকা

পাহাড়ি জনপদের নিরাপত্তা পরিস্থিতি নিয়ে সরকারের বিভিন্ন মহল উদ্বেগ প্রকাশ করেছে। স্থানীয় প্রশাসন জানিয়েছে পরিস্থিতি এখন নিয়ন্ত্রণে রয়েছে এবং সাধারণ মানুষের জানমালের নিরাপত্তা নিশ্চিত করতে সর্বোচ্চ সতর্ক অবস্থানে রয়েছে আইনশৃঙ্খলা বাহিনী। বিশ্লেষকরা মনে করেন দীর্ঘমেয়াদি শান্তি প্রতিষ্ঠায় রাজনৈতিক সংলাপ ও আস্থা তৈরির উদ্যোগ জরুরি। সংশ্লিষ্ট কর্মকর্তারা বলছেন প্রকল্পের কাজ দ্রুত শেষ করতে প্রয়োজনীয় অর্থ বরাদ্দ ও জনবল নিশ্চিত করা হবে।

নীতিগত পুনর্বিবেচনা

পাহাড়ি জনপদের নিরাপত্তা পরিস্থিতি নিয়ে সরকারের বিভিন্ন মহল উদ্বেগ প্রকাশ করেছে। স্থানীয় প্রশাসন জানিয়েছে পরিস্থিতি এখন নিয়ন্ত্রণে রয়েছে এবং সাধারণ মানুষের জানমালের নিরাপত্তা নিশ্চিত করতে সর্বোচ্চ সতর্ক অবস্থানে রয়েছে আইনশৃঙ্খলা বাহিনী। বিশ্লেষকরা মনে করেন দীর্ঘমেয়াদি শান্তি প্রতিষ্ঠায় রাজনৈতিক সংলাপ ও আস্থা তৈরির উদ্যোগ জরুরি। সংশ্লিষ্ট কর্মকর্তারা বলছেন প্রকল্পের কাজ দ্রুত শেষ করতে প্রয়োজনীয় অর্থ বরাদ্দ ও জনবল নিশ্চিত করা হবে।

জুলাই সনদ বাস্তবায়নে প্রাসঙ্গিকতা

পাহাড়ি জনপদের নিরাপত্তা পরিস্থিতি নিয়ে সরকারের বিভিন্ন মহল উদ্বেগ প্রকাশ করেছে। স্থানীয় প্রশাসন জানিয়েছে পরিস্থিতি এখন নিয়ন্ত্রণে রয়েছে এবং সাধারণ মানুষের জানমালের নিরাপত্তা নিশ্চিত করতে সর্বোচ্চ সতর্ক অবস্থানে রয়েছে আইনশৃঙ্খলা বাহিনী। বিশ্লেষকরা মনে করেন দীর্ঘমেয়াদি শান্তি প্রতিষ্ঠায় রাজনৈতিক সংলাপ ও আস্থা তৈরির উদ্যোগ জরুরি। সংশ্লিষ্ট কর্মকর্তারা বলছেন প্রকল্পের কাজ দ্রুত শেষ করতে প্রয়োজনীয় অর্থ বরাদ্দ ও জনবল নিশ্চিত করা হবে।

আদেশ বাস্তবায়নের উপায়

পাহাড়ি জনপদের নিরাপত্তা পরিস্থিতি নিয়ে সরকারের বিভিন্ন মহল উদ্বেগ প্রকাশ করেছে। স্থানীয় প্রশাসন জানিয়েছে পরিস্থিতি এখন নিয়ন্ত্রণে রয়েছে এবং সাধারণ মানুষের জানমালের নিরাপত্তা নিশ্চিত করতে সর্বোচ্চ সতর্ক অবস্থানে রয়েছে আইনশৃঙ্খলা বাহিনী। বিশ্লেষকরা মনে করেন দীর্ঘমেয়াদি শান্তি প্রতিষ্ঠায় রাজনৈতিক সংলাপ ও আস্থা তৈরির উদ্যোগ জরুরি। সংশ্লিষ্ট কর্মকর্তারা বলছেন প্রকল্পের কাজ দ্রুত শেষ করতে প্রয়োজনীয় অর্থ বরাদ্দ ও জনবল নিশ্চিত করা হবে।

পাহাড়ি জনপদের নিরাপত্তা পরিস্থিতি নিয়ে সরকারের বিভিন্ন মহল উদ্বেগ প্রকাশ করেছে। স্থানীয় প্রশাসন জানিয়েছে পরিস্থিতি এখন নিয়ন্ত্রণে রয়েছে এবং সাধারণ মানুষের জানমালের নিরাপত্তা নিশ্চিত করতে সর্বোচ্চ সতর্ক অবস্থানে রয়েছে আইনশৃঙ্খলা বাহিনী। বিশ্লেষকরা মনে করেন দীর্ঘমেয়াদি শান্তি প্রতিষ্ঠায় রাজনৈতিক সংলাপ ও আস্থা তৈরির উদ্যোগ জরুরি। সংশ্লিষ্ট কর্মকর্তারা বলছেন প্রকল্পের কাজ দ্রুত শেষ করতে প্রয়োজনীয় অর্থ বরাদ্দ ও জনবল নিশ্চিত করা হবে।

ট্রাম্পের যুদ্ধবিরতি প্রস্তাব পরিবর্তনে
শেষ পৃষ্ঠার পর

পাহাড়ি জনপদের নিরাপত্তা পরিস্থিতি নিয়ে সরকারের বিভিন্ন মহল উদ্বেগ প্রকাশ করেছে। স্থানীয় প্রশাসন জানিয়েছে পরিস্থিতি এখন নিয়ন্ত্রণে রয়েছে এবং সাধারণ মানুষের জানমালের নিরাপত্তা নিশ্চিত করতে সর্বোচ্চ সতর্ক অবস্থানে রয়েছে আইনশৃঙ্খলা বাহিনী। বিশ্লেষকরা মনে করেন দীর্ঘমেয়াদি শান্তি প্রতিষ্ঠায় রাজনৈতিক সংলাপ ও আস্থা তৈরির উদ্যোগ জরুরি। সংশ্লিষ্ট কর্মকর্তারা বলছেন প্রকল্পের কাজ দ্রুত শেষ করতে প্রয়োজনীয় অর্থ বরাদ্দ ও জনবল নিশ্চিত করা হবে।

গোবাল সুমুদ ফ্লোটিলার জাহাজ ডুবিয়ে দেওয়ার পরিকল্পনা ইসরাইলের

পাহাড়ি জনপদের নিরাপত্তা পরিস্থিতি নিয়ে সরকারের বিভিন্ন মহল উদ্বেগ প্রকাশ করেছে। স্থানীয় প্রশাসন জানিয়েছে পরিস্থিতি এখন নিয়ন্ত্রণে রয়েছে এবং সাধারণ মানুষের জানমালের নিরাপত্তা নিশ্চিত করতে সর্বোচ্চ সতর্ক অবস্থানে রয়েছে আইনশৃঙ্খলা বাহিনী। বিশ্লেষকরা মনে করেন দীর্ঘমেয়াদি শান্তি প্রতিষ্ঠায় রাজনৈতিক সংলাপ ও আস্থা তৈরির উদ্যোগ জরুরি। সংশ্লিষ্ট কর্মকর্তারা বলছেন প্রকল্পের কাজ দ্রুত শেষ করতে প্রয়োজনীয় অর্থ বরাদ্দ ও জনবল নিশ্চিত করা হবে।

পাহাড়ি জনপদের নিরাপত্তা পরিস্থিতি নিয়ে সরকারের বিভিন্ন মহল উদ্বেগ প্রকাশ করেছে। স্থানীয় প্রশাসন জানিয়েছে পরিস্থিতি এখন নিয়ন্ত্রণে রয়েছে এবং সাধারণ মানুষের জানমালের নিরাপত্তা নিশ্চিত করতে সর্বোচ্চ সতর্ক অবস্থানে রয়েছে আইনশৃঙ্খলা বাহিনী। বিশ্লেষকরা মনে করেন দীর্ঘমেয়াদি শান্তি প্রতিষ্ঠায় রাজনৈতিক সংলাপ ও আস্থা তৈরির উদ্যোগ জরুরি। সংশ্লিষ্ট কর্মকর্তারা বলছেন প্রকল্পের কাজ দ্রুত শেষ করতে প্রয়োজনীয় অর্থ বরাদ্দ ও জনবল নিশ্চিত করা হবে।

হামাসকে সময় বেঁধে দিলেন ট্রাম্প

পাহাড়ি জনপদের নিরাপত্তা পরিস্থিতি নিয়ে সরকারের বিভিন্ন মহল উদ্বেগ প্রকাশ করেছে। স্থানীয় প্রশাসন জানিয়েছে পরিস্থিতি এখন নিয়ন্ত্রণে রয়েছে এবং সাধারণ মানুষের জানমালের নিরাপত্তা নিশ্চিত করতে সর্বোচ্চ সতর্ক অবস্থানে রয়েছে আইনশৃঙ্খলা বাহিনী। বিশ্লেষকরা মনে করেন দীর্ঘমেয়াদি শান্তি প্রতিষ্ঠায় রাজনৈতিক সংলাপ ও আস্থা তৈরির উদ্যোগ জরুরি। সংশ্লিষ্ট কর্মকর্তারা বলছেন প্রকল্পের কাজ দ্রুত শেষ করতে প্রয়োজনীয় অর্থ বরাদ্দ ও জনবল নিশ্চিত করা হবে।

পাহাড়ি জনপদের নিরাপত্তা পরিস্থিতি নিয়ে সরকারের বিভিন্ন মহল উদ্বেগ প্রকাশ করেছে। স্থানীয় প্রশাসন জানিয়েছে পরিস্থিতি এখন নিয়ন্ত্রণে রয়েছে এবং সাধারণ মানুষের জানমালের নিরাপত্তা নিশ্চিত করতে সর্বোচ্চ সতর্ক অবস্থানে রয়েছে আইনশৃঙ্খলা বাহিনী। বিশ্লেষকরা মনে করেন দীর্ঘমেয়াদি শান্তি প্রতিষ্ঠায় রাজনৈতিক সংলাপ ও আস্থা তৈরির উদ্যোগ জরুরি। সংশ্লিষ্ট কর্মকর্তারা বলছেন প্রকল্পের কাজ দ্রুত শেষ করতে প্রয়োজনীয় অর্থ বরাদ্দ ও জনবল নিশ্চিত করা হবে।
